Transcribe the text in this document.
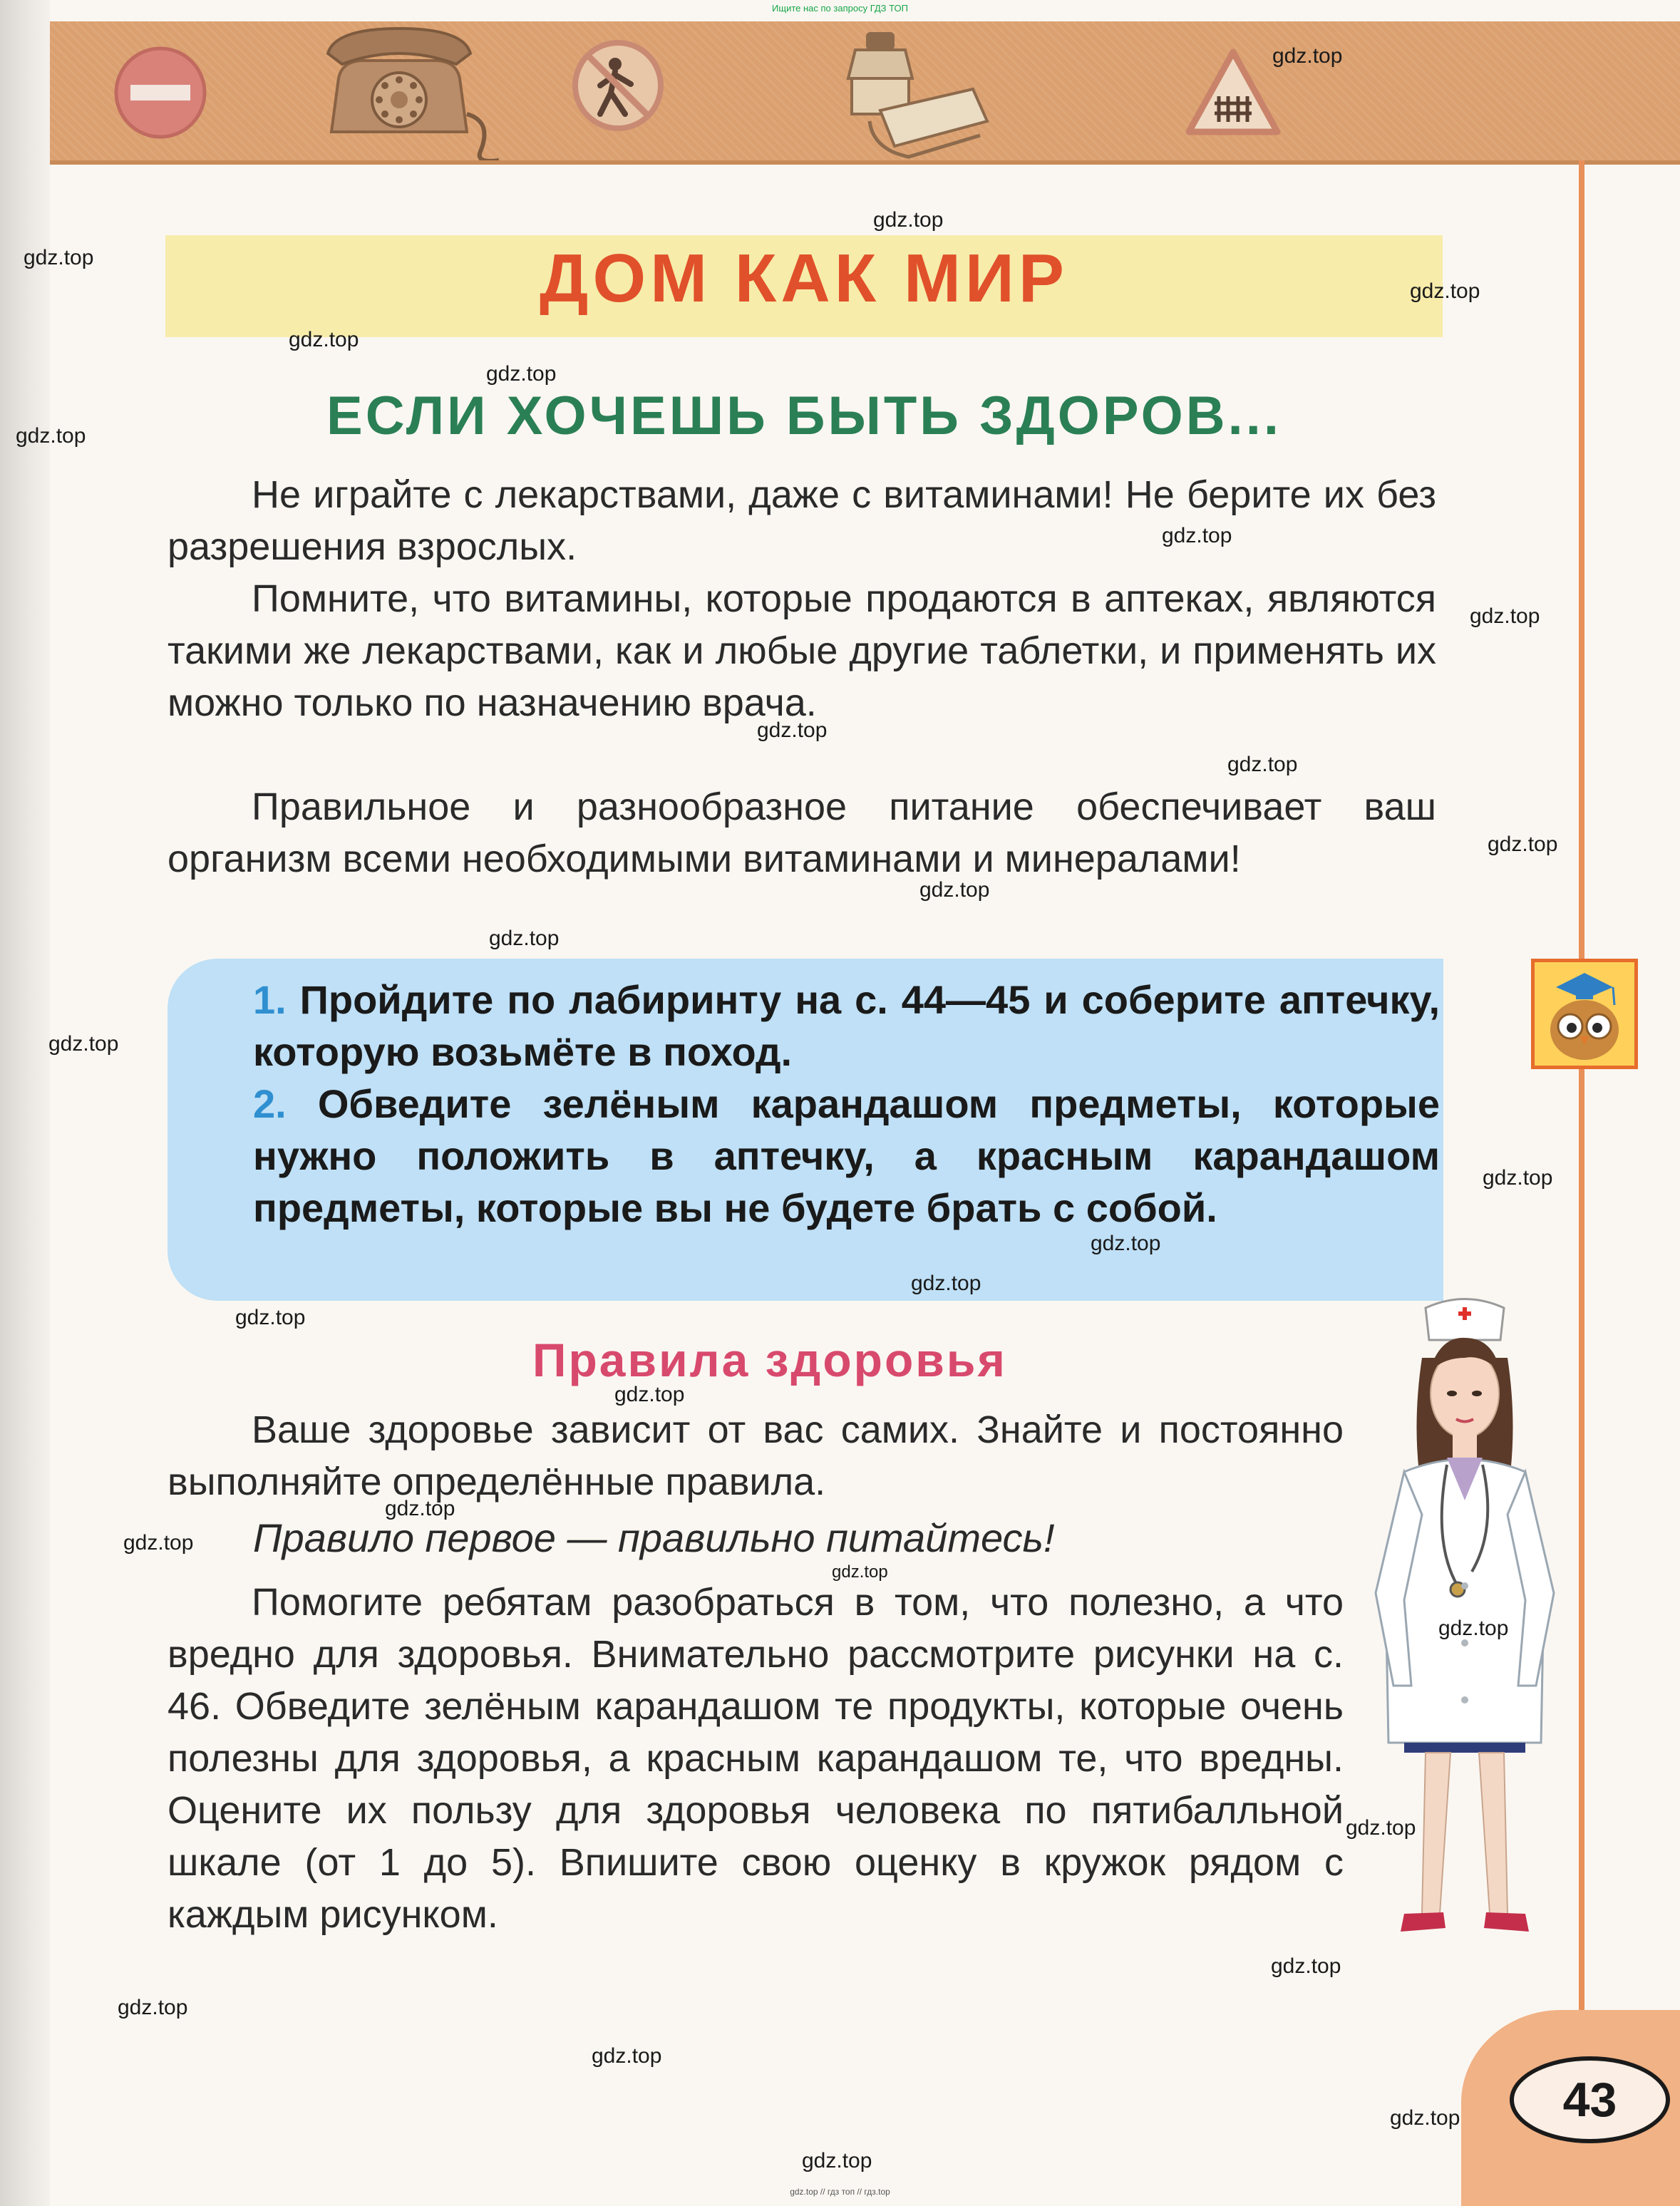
Ищите нас по запросу ГДЗ ТОП
ДОМ КАК МИР
ЕСЛИ ХОЧЕШЬ БЫТЬ ЗДОРОВ...

Не играйте с лекарствами, даже с витаминами! Не берите их без разрешения взрослых.

Помните, что витамины, которые продаются в аптеках, являются такими же лекарствами, как и любые другие таблетки, и применять их можно только по назначению врача.

Правильное и разнообразное питание обеспечивает ваш организм всеми необходимыми витаминами и минералами!

1. Пройдите по лабиринту на с. 44—45 и соберите аптечку, которую возьмёте в поход.
2. Обведите зелёным карандашом предметы, которые нужно положить в аптечку, а красным карандашом предметы, которые вы не будете брать с собой.
Правила здоровья

Ваше здоровье зависит от вас самих. Знайте и постоянно выполняйте определённые правила.

Правило первое — правильно питайтесь!

Помогите ребятам разобраться в том, что полезно, а что вредно для здоровья. Внимательно рассмотрите рисунки на с. 46. Обведите зелёным карандашом те продукты, которые очень полезны для здоровья, а красным карандашом те, что вредны. Оцените их пользу для здоровья человека по пятибалльной шкале (от 1 до 5). Впишите свою оценку в кружок рядом с каждым рисунком.

43
gdz.top
gdz.top
gdz.top
gdz.top
gdz.top
gdz.top
gdz.top
gdz.top
gdz.top
gdz.top
gdz.top
gdz.top
gdz.top
gdz.top
gdz.top
gdz.top
gdz.top
gdz.top
gdz.top
gdz.top
gdz.top
gdz.top
gdz.top
gdz.top
gdz.top
gdz.top
gdz.top
gdz.top
gdz.top
gdz.top
gdz.top // гдз топ // гдз.top
